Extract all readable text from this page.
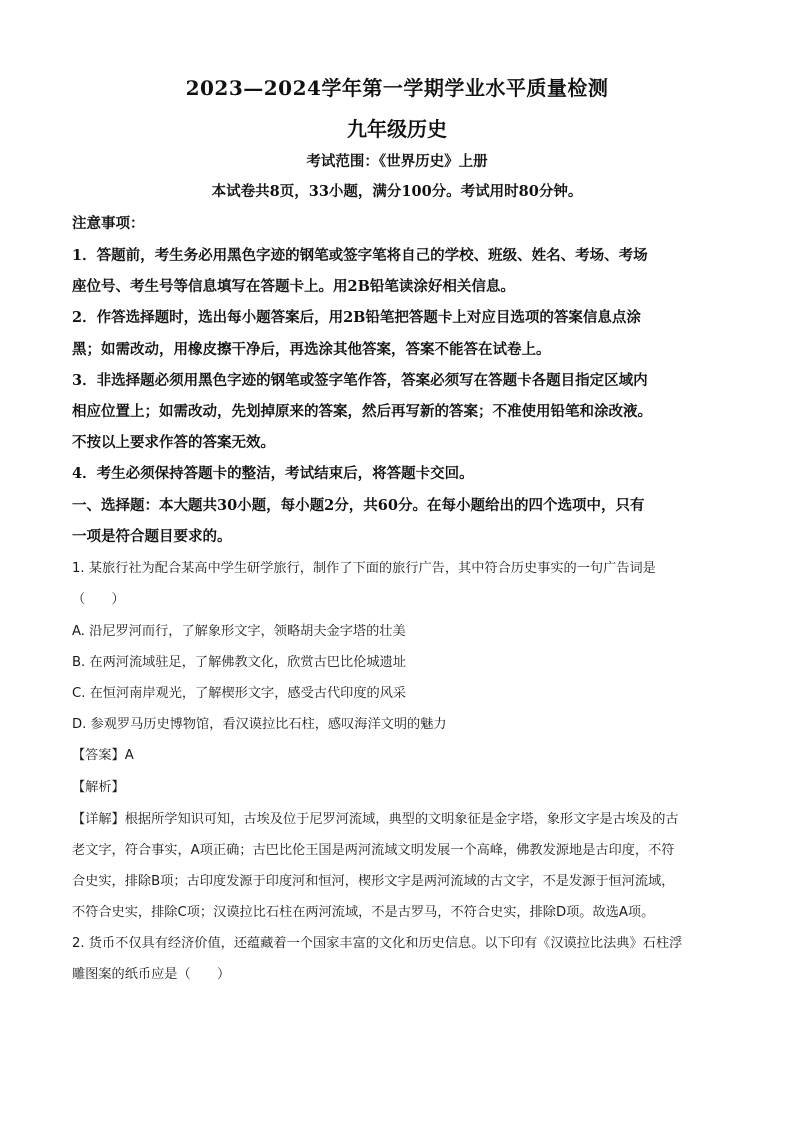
2023—2024学年第一学期学业水平质量检测
九年级历史
考试范围：《世界历史》上册
本试卷共8页，33小题，满分100分。考试用时80分钟。
注意事项：
1．答题前，考生务必用黑色字迹的钢笔或签字笔将自己的学校、班级、姓名、考场、考场
座位号、考生号等信息填写在答题卡上。用2B铅笔读涂好相关信息。
2．作答选择题时，选出每小题答案后，用2B铅笔把答题卡上对应目选项的答案信息点涂
黑；如需改动，用橡皮擦干净后，再选涂其他答案，答案不能答在试卷上。
3．非选择题必须用黑色字迹的钢笔或签字笔作答，答案必须写在答题卡各题目指定区域内
相应位置上；如需改动，先划掉原来的答案，然后再写新的答案；不准使用铅笔和涂改液。
不按以上要求作答的答案无效。
4．考生必须保持答题卡的整洁，考试结束后，将答题卡交回。
一、选择题：本大题共30小题，每小题2分，共60分。在每小题给出的四个选项中，只有
一项是符合题目要求的。
1. 某旅行社为配合某高中学生研学旅行，制作了下面的旅行广告，其中符合历史事实的一句广告词是
（　　）
A. 沿尼罗河而行，了解象形文字，领略胡夫金字塔的壮美
B. 在两河流域驻足，了解佛教文化，欣赏古巴比伦城遗址
C. 在恒河南岸观光，了解楔形文字，感受古代印度的风采
D. 参观罗马历史博物馆，看汉谟拉比石柱，感叹海洋文明的魅力
【答案】A
【解析】
【详解】根据所学知识可知，古埃及位于尼罗河流域，典型的文明象征是金字塔，象形文字是古埃及的古
老文字，符合事实，A项正确；古巴比伦王国是两河流域文明发展一个高峰，佛教发源地是古印度，不符
合史实，排除B项；古印度发源于印度河和恒河，楔形文字是两河流域的古文字，不是发源于恒河流域，
不符合史实，排除C项；汉谟拉比石柱在两河流域，不是古罗马，不符合史实，排除D项。故选A项。
2. 货币不仅具有经济价值，还蕴藏着一个国家丰富的文化和历史信息。以下印有《汉谟拉比法典》石柱浮
雕图案的纸币应是（　　）
